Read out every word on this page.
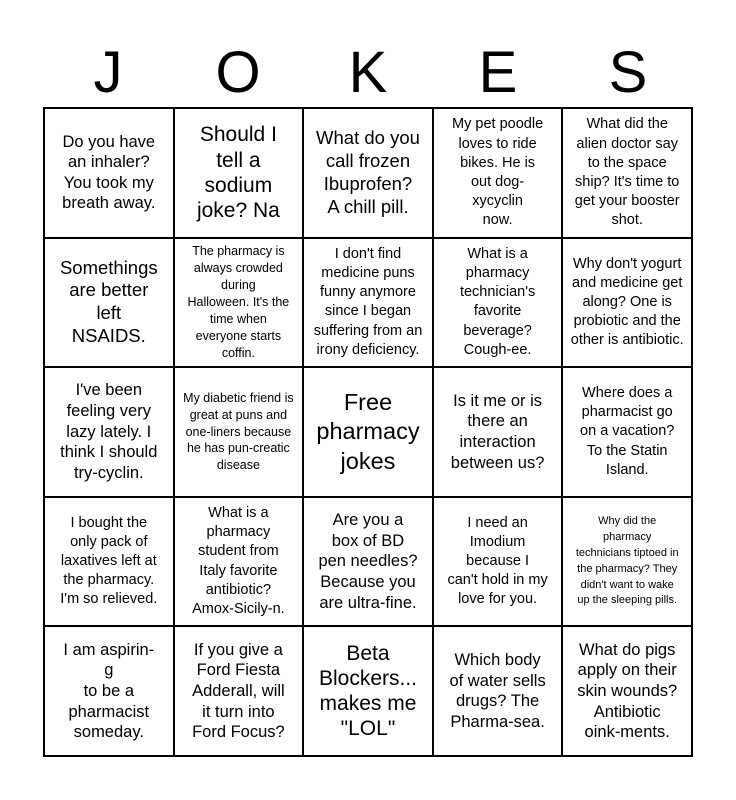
J	O	K	E	S
Do you have
an inhaler?
You took my
breath away.
Should I
tell a
sodium
joke? Na
What do you
call frozen
Ibuprofen?
A chill pill.
My pet poodle
loves to ride
bikes. He is
out dog-
xycyclin
now.
What did the
alien doctor say
to the space
ship? It's time to
get your booster
shot.
Somethings
are better
left
NSAIDS.
The pharmacy is
always crowded
during
Halloween. It's the
time when
everyone starts
coffin.
I don't find
medicine puns
funny anymore
since I began
suffering from an
irony deficiency.
What is a
pharmacy
technician's
favorite
beverage?
Cough-ee.
Why don't yogurt
and medicine get
along? One is
probiotic and the
other is antibiotic.
I've been
feeling very
lazy lately. I
think I should
try-cyclin.
My diabetic friend is
great at puns and
one-liners because
he has pun-creatic
disease
Free
pharmacy
jokes
Is it me or is
there an
interaction
between us?
Where does a
pharmacist go
on a vacation?
To the Statin
Island.
I bought the
only pack of
laxatives left at
the pharmacy.
I'm so relieved.
What is a
pharmacy
student from
Italy favorite
antibiotic?
Amox-Sicily-n.
Are you a
box of BD
pen needles?
Because you
are ultra-fine.
I need an
Imodium
because I
can't hold in my
love for you.
Why did the
pharmacy
technicians tiptoed in
the pharmacy? They
didn't want to wake
up the sleeping pills.
I am aspirin-
g
to be a
pharmacist
someday.
If you give a
Ford Fiesta
Adderall, will
it turn into
Ford Focus?
Beta
Blockers...
makes me
"LOL"
Which body
of water sells
drugs? The
Pharma-sea.
What do pigs
apply on their
skin wounds?
Antibiotic
oink-ments.
